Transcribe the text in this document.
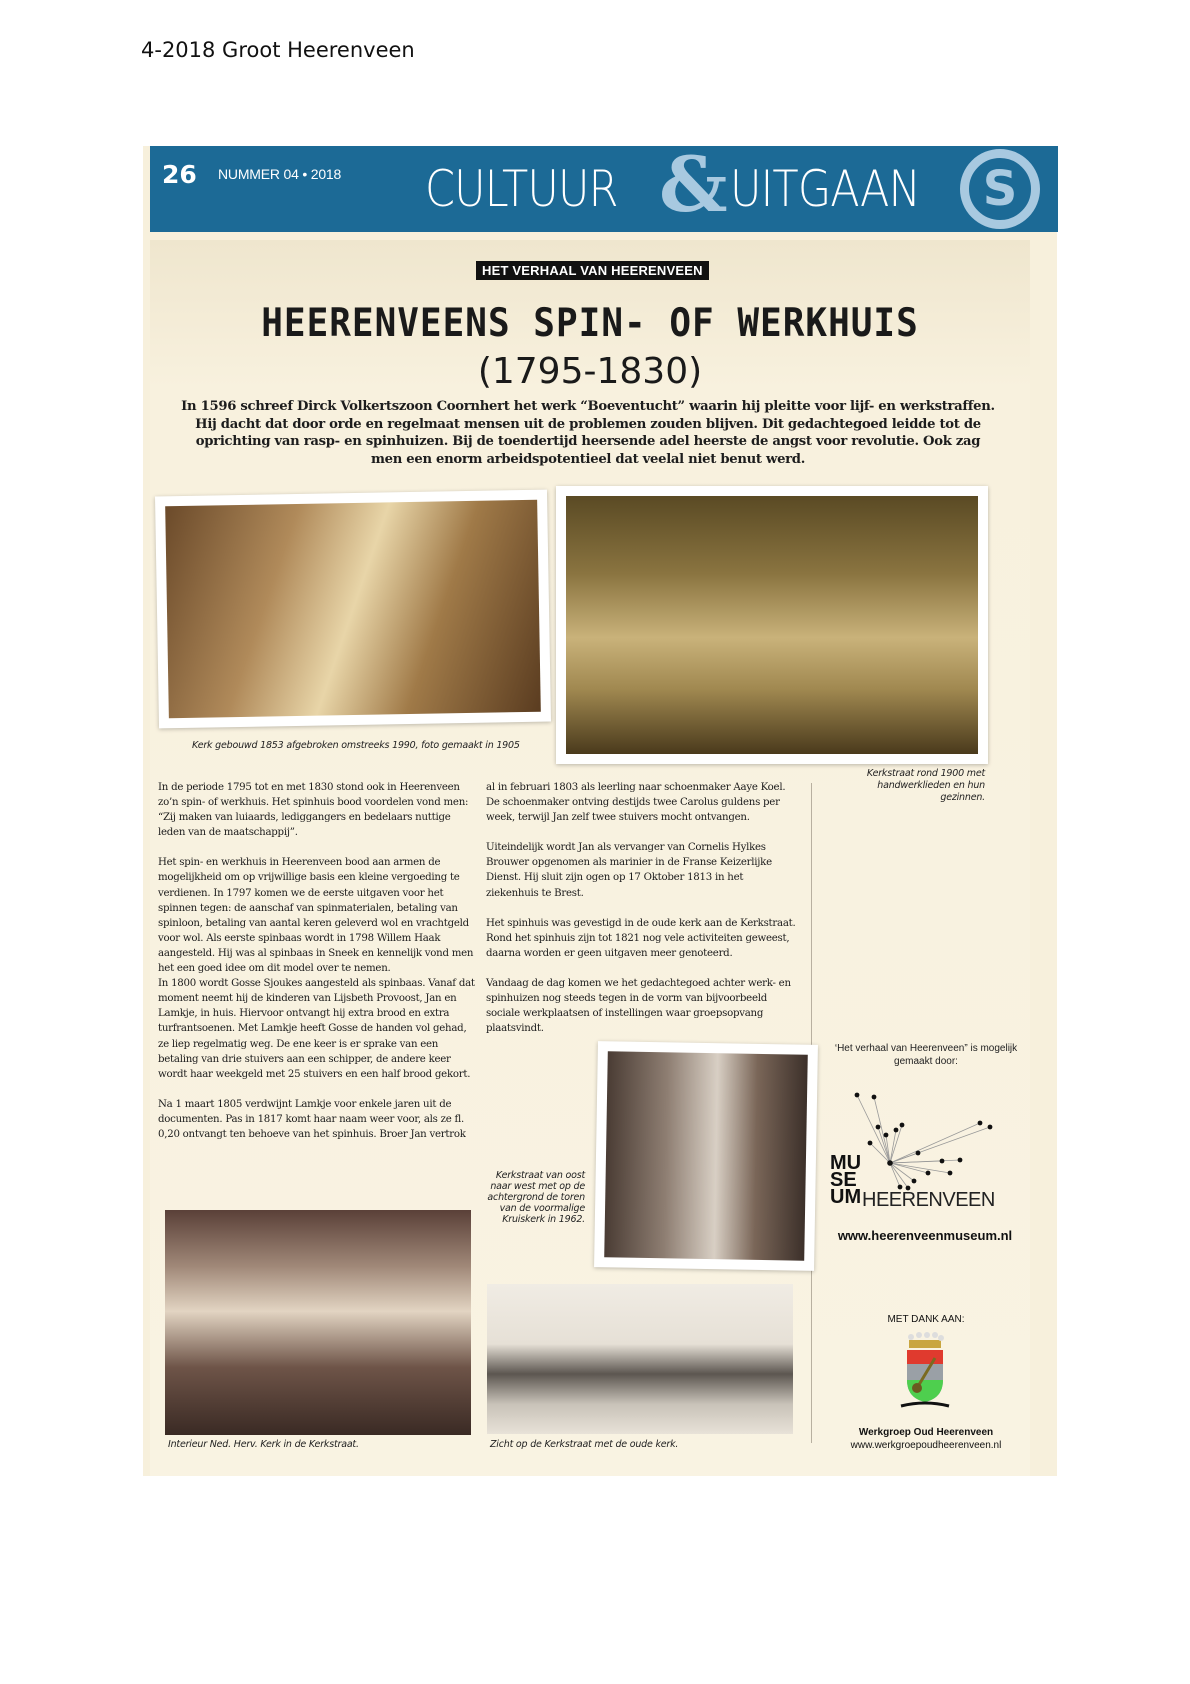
4-2018 Groot Heerenveen
26 NUMMER 04 • 2018 CULTUUR & UITGAAN	S
HET VERHAAL VAN HEERENVEEN
HEERENVEENS SPIN- OF WERKHUIS
(1795-1830)
In 1596 schreef Dirck Volkertszoon Coornhert het werk “Boeventucht” waarin hij pleitte voor lijf- en werkstraffen. Hij dacht dat door orde en regelmaat mensen uit de problemen zouden blijven. Dit gedachtegoed leidde tot de oprichting van rasp- en spinhuizen. Bij de toendertijd heersende adel heerste de angst voor revolutie. Ook zag men een enorm arbeidspotentieel dat veelal niet benut werd.
Kerk gebouwd 1853 afgebroken omstreeks 1990, foto gemaakt in 1905
Kerkstraat rond 1900 met handwerklieden en hun gezinnen.

In de periode 1795 tot en met 1830 stond ook in Heerenveen zo’n spin- of werkhuis. Het spinhuis bood voordelen vond men: “Zij maken van luiaards, lediggangers en bedelaars nuttige leden van de maatschappij”.

Het spin- en werkhuis in Heerenveen bood aan armen de mogelijkheid om op vrijwillige basis een kleine vergoeding te verdienen. In 1797 komen we de eerste uitgaven voor het spinnen tegen: de aanschaf van spinmaterialen, betaling van spinloon, betaling van aantal keren geleverd wol en vrachtgeld voor wol. Als eerste spinbaas wordt in 1798 Willem Haak aangesteld. Hij was al spinbaas in Sneek en kennelijk vond men het een goed idee om dit model over te nemen.

In 1800 wordt Gosse Sjoukes aangesteld als spinbaas. Vanaf dat moment neemt hij de kinderen van Lijsbeth Provoost, Jan en Lamkje, in huis. Hiervoor ontvangt hij extra brood en extra turfrantsoenen. Met Lamkje heeft Gosse de handen vol gehad, ze liep regelmatig weg. De ene keer is er sprake van een betaling van drie stuivers aan een schipper, de andere keer wordt haar weekgeld met 25 stuivers en een half brood gekort.

Na 1 maart 1805 verdwijnt Lamkje voor enkele jaren uit de documenten. Pas in 1817 komt haar naam weer voor, als ze fl. 0,20 ontvangt ten behoeve van het spinhuis. Broer Jan vertrok

al in februari 1803 als leerling naar schoenmaker Aaye Koel. De schoenmaker ontving destijds twee Carolus guldens per week, terwijl Jan zelf twee stuivers mocht ontvangen.

Uiteindelijk wordt Jan als vervanger van Cornelis Hylkes Brouwer opgenomen als marinier in de Franse Keizerlijke Dienst. Hij sluit zijn ogen op 17 Oktober 1813 in het ziekenhuis te Brest.

Het spinhuis was gevestigd in de oude kerk aan de Kerkstraat. Rond het spinhuis zijn tot 1821 nog vele activiteiten geweest, daarna worden er geen uitgaven meer genoteerd.

Vandaag de dag komen we het gedachtegoed achter werk- en spinhuizen nog steeds tegen in de vorm van bijvoorbeeld sociale werkplaatsen of instellingen waar groepsopvang plaatsvindt.

Kerkstraat van oost naar west met op de achtergrond de toren van de voormalige Kruiskerk in 1962.
Interieur Ned. Herv. Kerk in de Kerkstraat.	Zicht op de Kerkstraat met de oude kerk.
‘Het verhaal van Heerenveen” is mogelijk gemaakt door:
MU
SE
UM HEERENVEEN
www.heerenveenmuseum.nl
MET DANK AAN:
Werkgroep Oud Heerenveen
www.werkgroepoudheerenveen.nl
